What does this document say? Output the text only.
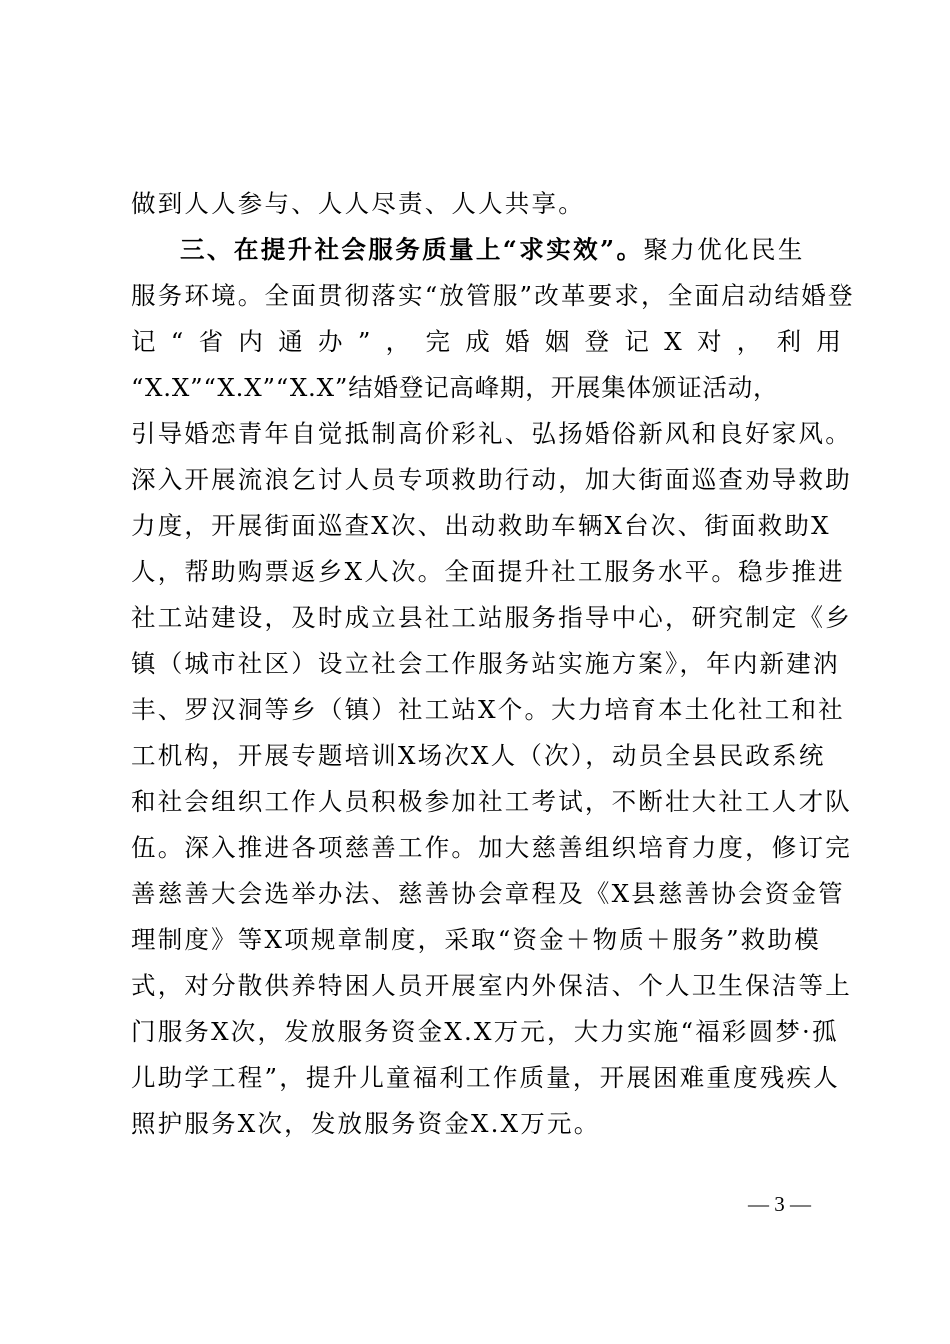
做到人人参与、人人尽责、人人共享。
三、在提升社会服务质量上“求实效”。聚力优化民生
服务环境。全面贯彻落实“放管服”改革要求，全面启动结婚登
记 “ 省 内 通 办 ” ， 完 成 婚 姻 登 记 X 对 ， 利 用
“X.X”“X.X”“X.X”结婚登记高峰期，开展集体颁证活动，
引导婚恋青年自觉抵制高价彩礼、弘扬婚俗新风和良好家风。
深入开展流浪乞讨人员专项救助行动，加大街面巡查劝导救助
力度，开展街面巡查X次、出动救助车辆X台次、街面救助X
人，帮助购票返乡X人次。全面提升社工服务水平。稳步推进
社工站建设，及时成立县社工站服务指导中心，研究制定《乡
镇（城市社区）设立社会工作服务站实施方案》，年内新建汭
丰、罗汉洞等乡（镇）社工站X个。大力培育本土化社工和社
工机构，开展专题培训X场次X人（次），动员全县民政系统
和社会组织工作人员积极参加社工考试，不断壮大社工人才队
伍。深入推进各项慈善工作。加大慈善组织培育力度，修订完
善慈善大会选举办法、慈善协会章程及《X县慈善协会资金管
理制度》等X项规章制度，采取“资金＋物质＋服务”救助模
式，对分散供养特困人员开展室内外保洁、个人卫生保洁等上
门服务X次，发放服务资金X.X万元，大力实施“福彩圆梦·孤
儿助学工程”，提升儿童福利工作质量，开展困难重度残疾人
照护服务X次，发放服务资金X.X万元。
— 3 —
